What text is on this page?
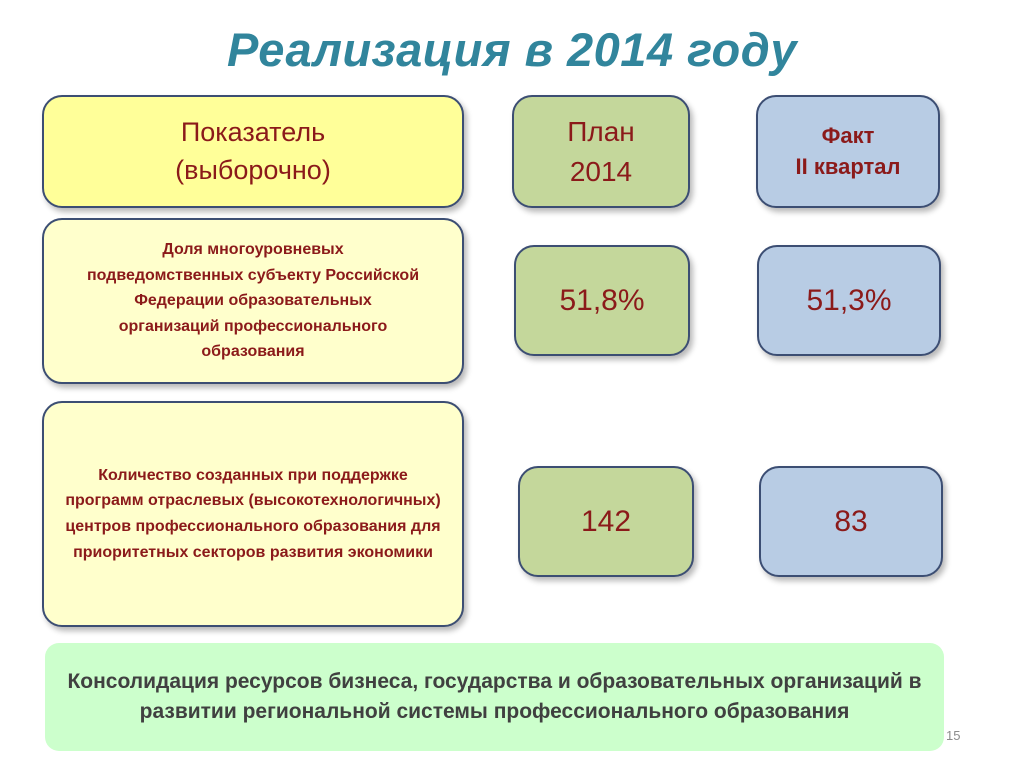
Реализация в 2014 году
Показатель
(выборочно)
План
2014
Факт
II квартал
Доля многоуровневых подведомственных субъекту Российской Федерации образовательных организаций профессионального образования
51,8%	51,3%
Количество созданных при поддержке программ отраслевых (высокотехнологичных) центров профессионального образования для приоритетных секторов развития экономики
142	83
Консолидация ресурсов бизнеса, государства и образовательных организаций в развитии региональной системы профессионального образования
15
